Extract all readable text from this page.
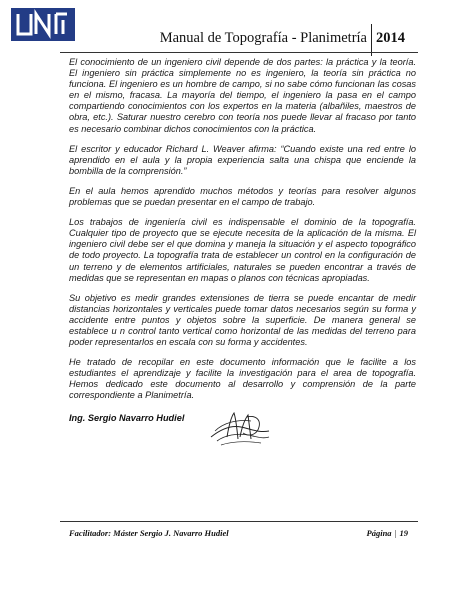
Manual de Topografía - Planimetría 2014

El conocimiento de un ingeniero civil depende de dos partes: la práctica y la teoría. El ingeniero sin práctica simplemente no es ingeniero, la teoría sin práctica no funciona. El ingeniero es un hombre de campo, si no sabe cómo funcionan las cosas en el mismo, fracasa. La mayoría del tiempo, el ingeniero la pasa en el campo compartiendo conocimientos con los expertos en la materia (albañiles, maestros de obra, etc.). Saturar nuestro cerebro con teoría nos puede llevar al fracaso por tanto es necesario combinar dichos conocimientos con la práctica.

El escritor y educador Richard L. Weaver afirma: “Cuando existe una red entre lo aprendido en el aula y la propia experiencia salta una chispa que enciende la bombilla de la comprensión.”

En el aula hemos aprendido muchos métodos y teorías para resolver algunos problemas que se puedan presentar en el campo de trabajo.

Los trabajos de ingeniería civil es indispensable el dominio de la topografía. Cualquier tipo de proyecto que se ejecute necesita de la aplicación de la misma. El ingeniero civil debe ser el que domina y maneja la situación y el aspecto topográfico de todo proyecto. La topografía trata de establecer un control en la configuración de un terreno y de elementos artificiales, naturales se pueden encontrar a través de medidas que se representan en mapas o planos con técnicas apropiadas.

Su objetivo es medir grandes extensiones de tierra se puede encantar de medir distancias horizontales y verticales puede tomar datos necesarios según su forma y accidente entre puntos y objetos sobre la superficie. De manera general se establece u n control tanto vertical como horizontal de las medidas del terreno para poder representarlos en escala con su forma y accidentes.

He tratado de recopilar en este documento información que le facilite a los estudiantes el aprendizaje y facilite la investigación para el area de topografía. Hemos dedicado este documento al desarrollo y comprensión de la parte correspondiente a Planimetría.

Ing. Sergio Navarro Hudiel
Facilitador: Máster Sergio J. Navarro Hudiel	Página | 19
